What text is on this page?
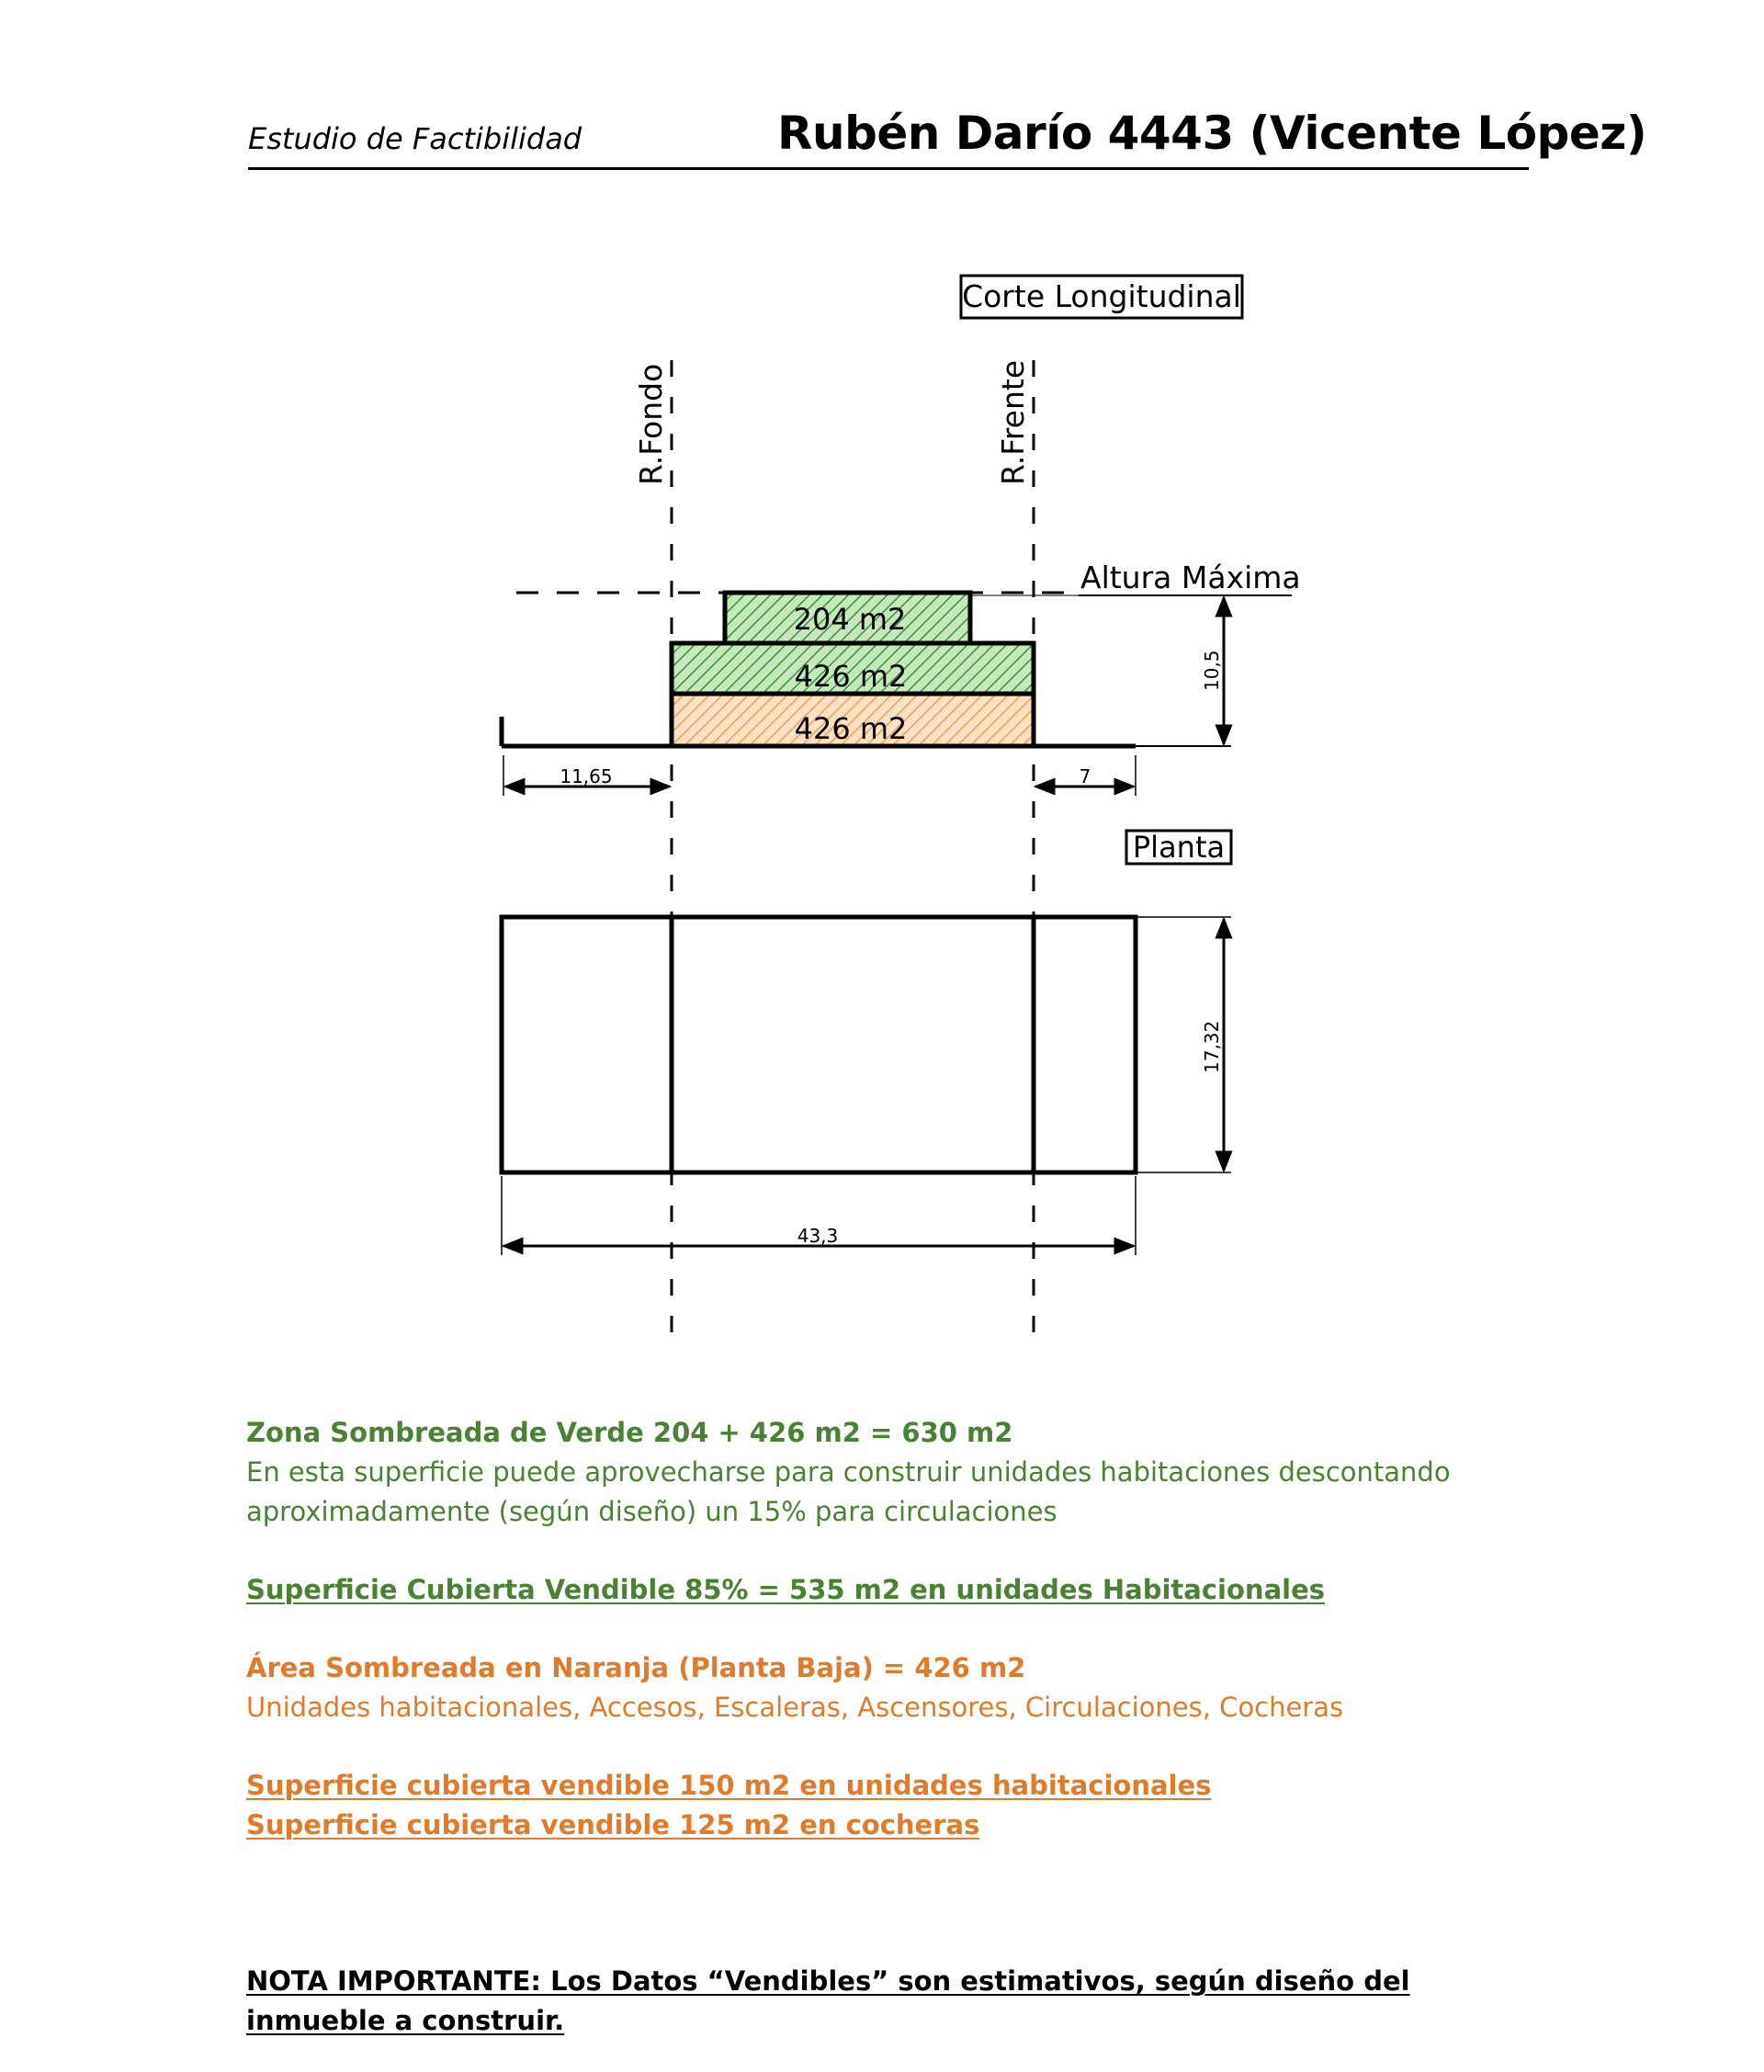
Estudio de Factibilidad	Rubén Darío 4443 (Vicente López)
Corte Longitudinal
R.Fondo	R.Frente
Altura Máxima
204 m2
426 m2
426 m2
10,5
11,65	7
Planta
17,32
43,3

Zona Sombreada de Verde 204 + 426 m2 = 630 m2

En esta superficie puede aprovecharse para construir unidades habitaciones descontando

aproximadamente (según diseño) un 15% para circulaciones

Superficie Cubierta Vendible 85% = 535 m2 en unidades Habitacionales

Área Sombreada en Naranja (Planta Baja) = 426 m2

Unidades habitacionales, Accesos, Escaleras, Ascensores, Circulaciones, Cocheras

Superficie cubierta vendible 150 m2 en unidades habitacionales

Superficie cubierta vendible 125 m2 en cocheras

NOTA IMPORTANTE: Los Datos “Vendibles” son estimativos, según diseño del inmueble a construir.
